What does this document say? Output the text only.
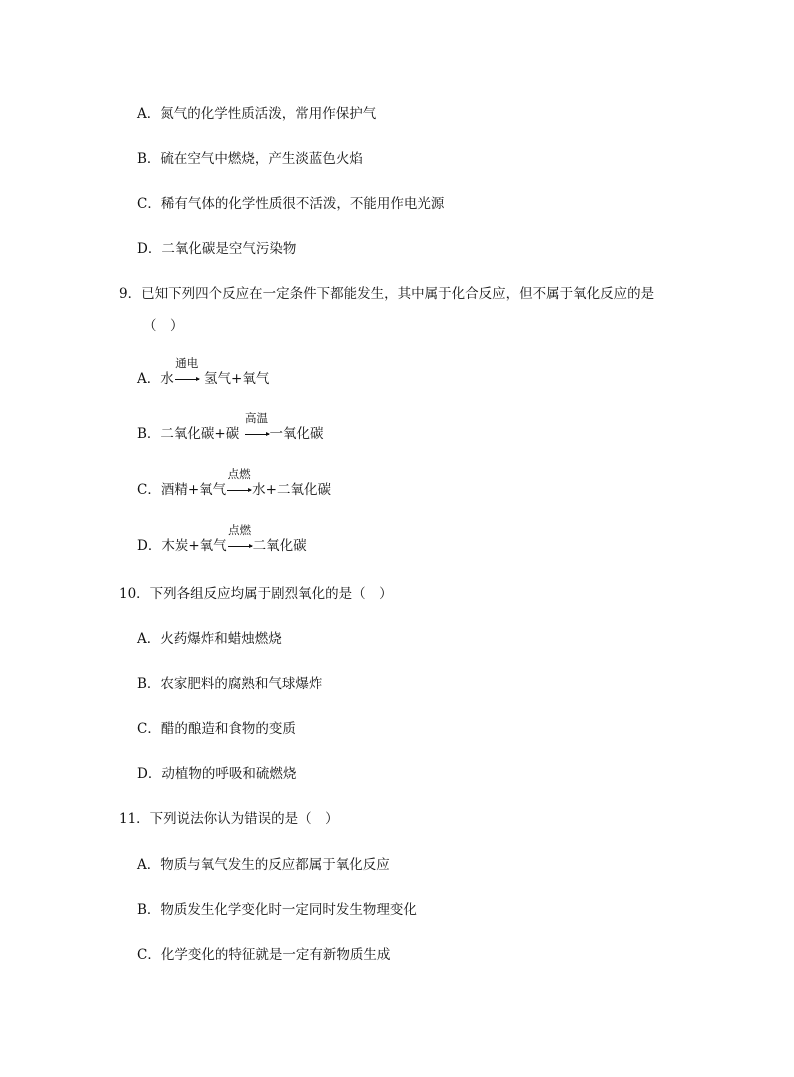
A．氮气的化学性质活泼，常用作保护气
B．硫在空气中燃烧，产生淡蓝色火焰
C．稀有气体的化学性质很不活泼，不能用作电光源
D．二氧化碳是空气污染物
9．已知下列四个反应在一定条件下都能发生，其中属于化合反应，但不属于氧化反应的是
（　）
A．水
通电
氢气+氧气
B．二氧化碳+碳
高温
一氧化碳
C．酒精+氧气
点燃
水+二氧化碳
D．木炭+氧气
点燃
二氧化碳
10．下列各组反应均属于剧烈氧化的是（　）
A．火药爆炸和蜡烛燃烧
B．农家肥料的腐熟和气球爆炸
C．醋的酿造和食物的变质
D．动植物的呼吸和硫燃烧
11．下列说法你认为错误的是（　）
A．物质与氧气发生的反应都属于氧化反应
B．物质发生化学变化时一定同时发生物理变化
C．化学变化的特征就是一定有新物质生成
